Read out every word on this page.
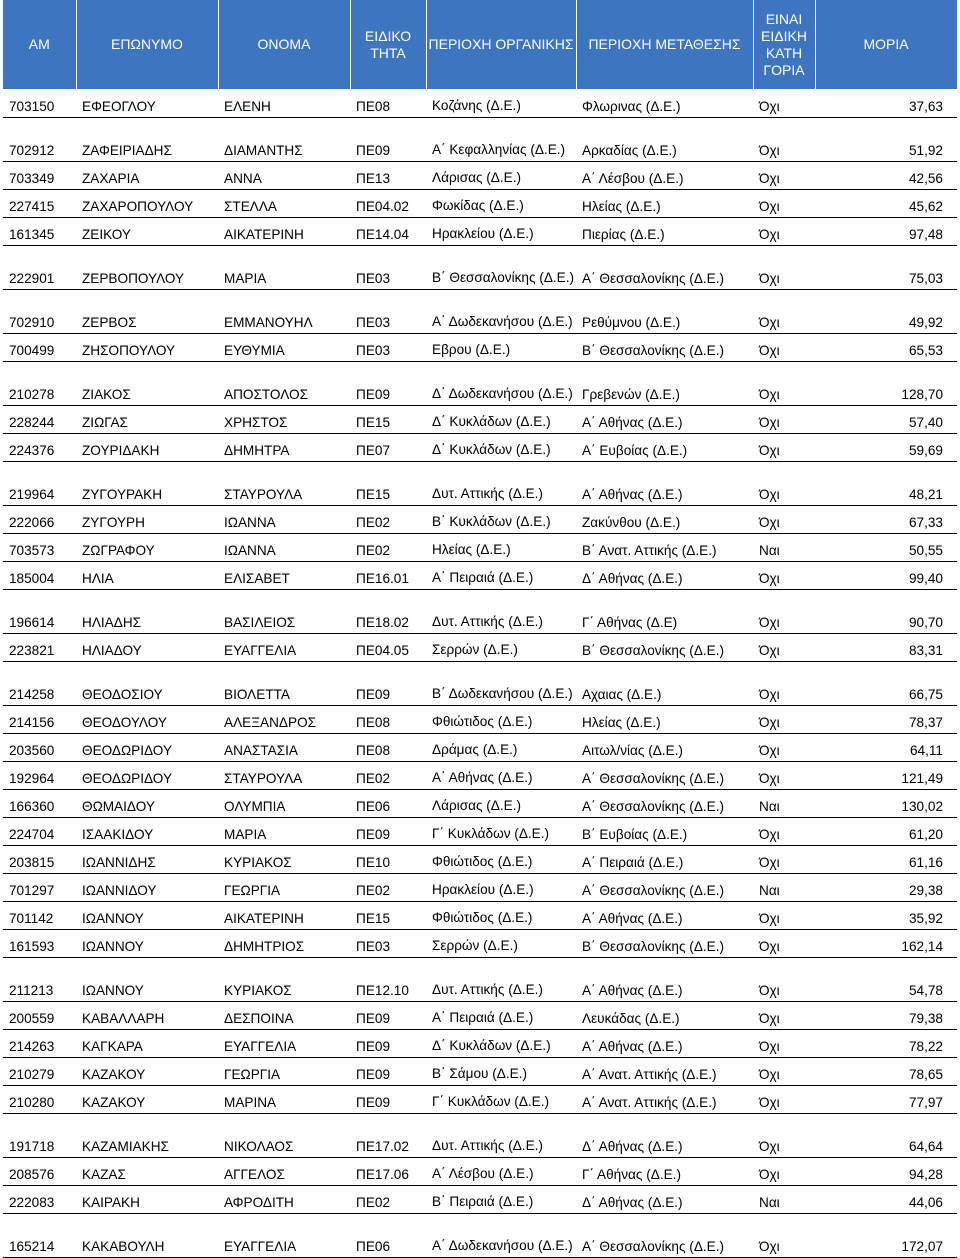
ΑΜ	ΕΠΩΝΥΜΟ	ΟΝΟΜΑ	ΕΙΔΙΚΟ ΤΗΤΑ	ΠΕΡΙΟΧΗ ΟΡΓΑΝΙΚΗΣ	ΠΕΡΙΟΧΗ ΜΕΤΑΘΕΣΗΣ	ΕΙΝΑΙ ΕΙΔΙΚΗ ΚΑΤΗ ΓΟΡΙΑ	ΜΟΡΙΑ
703150	ΕΦΕΟΓΛΟΥ	ΕΛΕΝΗ	ΠΕ08	Κοζάνης (Δ.Ε.)	Φλωρινας (Δ.Ε.)	Όχι	37,63
702912	ΖΑΦΕΙΡΙΑΔΗΣ	ΔΙΑΜΑΝΤΗΣ	ΠΕ09	Α΄ Κεφαλληνίας (Δ.Ε.)	Αρκαδίας (Δ.Ε.)	Όχι	51,92
703349	ΖΑΧΑΡΙΑ	ΑΝΝΑ	ΠΕ13	Λάρισας (Δ.Ε.)	Α΄ Λέσβου (Δ.Ε.)	Όχι	42,56
227415	ΖΑΧΑΡΟΠΟΥΛΟΥ	ΣΤΕΛΛΑ	ΠΕ04.02	Φωκίδας (Δ.Ε.)	Ηλείας (Δ.Ε.)	Όχι	45,62
161345	ΖΕΙΚΟΥ	ΑΙΚΑΤΕΡΙΝΗ	ΠΕ14.04	Ηρακλείου (Δ.Ε.)	Πιερίας (Δ.Ε.)	Όχι	97,48
222901	ΖΕΡΒΟΠΟΥΛΟΥ	ΜΑΡΙΑ	ΠΕ03	Β΄ Θεσσαλονίκης (Δ.Ε.)	Α΄ Θεσσαλονίκης (Δ.Ε.)	Όχι	75,03
702910	ΖΕΡΒΟΣ	ΕΜΜΑΝΟΥΗΛ	ΠΕ03	Α΄ Δωδεκανήσου (Δ.Ε.)	Ρεθύμνου (Δ.Ε.)	Όχι	49,92
700499	ΖΗΣΟΠΟΥΛΟΥ	ΕΥΘΥΜΙΑ	ΠΕ03	Εβρου (Δ.Ε.)	Β΄ Θεσσαλονίκης (Δ.Ε.)	Όχι	65,53
210278	ΖΙΑΚΟΣ	ΑΠΟΣΤΟΛΟΣ	ΠΕ09	Δ΄ Δωδεκανήσου (Δ.Ε.)	Γρεβενών (Δ.Ε.)	Όχι	128,70
228244	ΖΙΩΓΑΣ	ΧΡΗΣΤΟΣ	ΠΕ15	Δ΄ Κυκλάδων (Δ.Ε.)	Α΄ Αθήνας (Δ.Ε.)	Όχι	57,40
224376	ΖΟΥΡΙΔΑΚΗ	ΔΗΜΗΤΡΑ	ΠΕ07	Δ΄ Κυκλάδων (Δ.Ε.)	Α΄ Ευβοίας (Δ.Ε.)	Όχι	59,69
219964	ΖΥΓΟΥΡΑΚΗ	ΣΤΑΥΡΟΥΛΑ	ΠΕ15	Δυτ. Αττικής (Δ.Ε.)	Α΄ Αθήνας (Δ.Ε.)	Όχι	48,21
222066	ΖΥΓΟΥΡΗ	ΙΩΑΝΝΑ	ΠΕ02	Β΄ Κυκλάδων (Δ.Ε.)	Ζακύνθου (Δ.Ε.)	Όχι	67,33
703573	ΖΩΓΡΑΦΟΥ	ΙΩΑΝΝΑ	ΠΕ02	Ηλείας (Δ.Ε.)	Β΄ Ανατ. Αττικής (Δ.Ε.)	Ναι	50,55
185004	ΗΛΙΑ	ΕΛΙΣΑΒΕΤ	ΠΕ16.01	Α΄ Πειραιά (Δ.Ε.)	Δ΄ Αθήνας (Δ.Ε.)	Όχι	99,40
196614	ΗΛΙΑΔΗΣ	ΒΑΣΙΛΕΙΟΣ	ΠΕ18.02	Δυτ. Αττικής (Δ.Ε.)	Γ΄ Αθήνας (Δ.Ε)	Όχι	90,70
223821	ΗΛΙΑΔΟΥ	ΕΥΑΓΓΕΛΙΑ	ΠΕ04.05	Σερρών (Δ.Ε.)	Β΄ Θεσσαλονίκης (Δ.Ε.)	Όχι	83,31
214258	ΘΕΟΔΟΣΙΟΥ	ΒΙΟΛΕΤΤΑ	ΠΕ09	Β΄ Δωδεκανήσου (Δ.Ε.)	Αχαιας (Δ.Ε.)	Όχι	66,75
214156	ΘΕΟΔΟΥΛΟΥ	ΑΛΕΞΑΝΔΡΟΣ	ΠΕ08	Φθιώτιδος (Δ.Ε.)	Ηλείας (Δ.Ε.)	Όχι	78,37
203560	ΘΕΟΔΩΡΙΔΟΥ	ΑΝΑΣΤΑΣΙΑ	ΠΕ08	Δράμας (Δ.Ε.)	Αιτωλ/νίας (Δ.Ε.)	Όχι	64,11
192964	ΘΕΟΔΩΡΙΔΟΥ	ΣΤΑΥΡΟΥΛΑ	ΠΕ02	Α΄ Αθήνας (Δ.Ε.)	Α΄ Θεσσαλονίκης (Δ.Ε.)	Όχι	121,49
166360	ΘΩΜΑΙΔΟΥ	ΟΛΥΜΠΙΑ	ΠΕ06	Λάρισας (Δ.Ε.)	Α΄ Θεσσαλονίκης (Δ.Ε.)	Ναι	130,02
224704	ΙΣΑΑΚΙΔΟΥ	ΜΑΡΙΑ	ΠΕ09	Γ΄ Κυκλάδων (Δ.Ε.)	Β΄ Ευβοίας (Δ.Ε.)	Όχι	61,20
203815	ΙΩΑΝΝΙΔΗΣ	ΚΥΡΙΑΚΟΣ	ΠΕ10	Φθιώτιδος (Δ.Ε.)	Α΄ Πειραιά (Δ.Ε.)	Όχι	61,16
701297	ΙΩΑΝΝΙΔΟΥ	ΓΕΩΡΓΙΑ	ΠΕ02	Ηρακλείου (Δ.Ε.)	Α΄ Θεσσαλονίκης (Δ.Ε.)	Ναι	29,38
701142	ΙΩΑΝΝΟΥ	ΑΙΚΑΤΕΡΙΝΗ	ΠΕ15	Φθιώτιδος (Δ.Ε.)	Α΄ Αθήνας (Δ.Ε.)	Όχι	35,92
161593	ΙΩΑΝΝΟΥ	ΔΗΜΗΤΡΙΟΣ	ΠΕ03	Σερρών (Δ.Ε.)	Β΄ Θεσσαλονίκης (Δ.Ε.)	Όχι	162,14
211213	ΙΩΑΝΝΟΥ	ΚΥΡΙΑΚΟΣ	ΠΕ12.10	Δυτ. Αττικής (Δ.Ε.)	Α΄ Αθήνας (Δ.Ε.)	Όχι	54,78
200559	ΚΑΒΑΛΛΑΡΗ	ΔΕΣΠΟΙΝΑ	ΠΕ09	Α΄ Πειραιά (Δ.Ε.)	Λευκάδας (Δ.Ε.)	Όχι	79,38
214263	ΚΑΓΚΑΡΑ	ΕΥΑΓΓΕΛΙΑ	ΠΕ09	Δ΄ Κυκλάδων (Δ.Ε.)	Α΄ Αθήνας (Δ.Ε.)	Όχι	78,22
210279	ΚΑΖΑΚΟΥ	ΓΕΩΡΓΙΑ	ΠΕ09	Β΄ Σάμου (Δ.Ε.)	Α΄ Ανατ. Αττικής (Δ.Ε.)	Όχι	78,65
210280	ΚΑΖΑΚΟΥ	ΜΑΡΙΝΑ	ΠΕ09	Γ΄ Κυκλάδων (Δ.Ε.)	Α΄ Ανατ. Αττικής (Δ.Ε.)	Όχι	77,97
191718	ΚΑΖΑΜΙΑΚΗΣ	ΝΙΚΟΛΑΟΣ	ΠΕ17.02	Δυτ. Αττικής (Δ.Ε.)	Δ΄ Αθήνας (Δ.Ε.)	Όχι	64,64
208576	ΚΑΖΑΣ	ΑΓΓΕΛΟΣ	ΠΕ17.06	Α΄ Λέσβου (Δ.Ε.)	Γ΄ Αθήνας (Δ.Ε.)	Όχι	94,28
222083	ΚΑΙΡΑΚΗ	ΑΦΡΟΔΙΤΗ	ΠΕ02	Β΄ Πειραιά (Δ.Ε.)	Δ΄ Αθήνας (Δ.Ε.)	Ναι	44,06
165214	ΚΑΚΑΒΟΥΛΗ	ΕΥΑΓΓΕΛΙΑ	ΠΕ06	Α΄ Δωδεκανήσου (Δ.Ε.)	Α΄ Θεσσαλονίκης (Δ.Ε.)	Όχι	172,07
